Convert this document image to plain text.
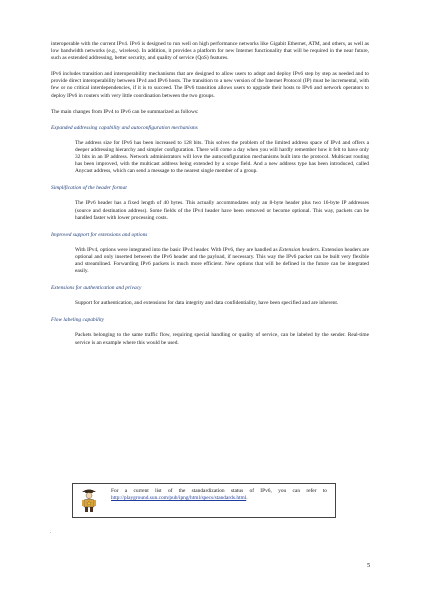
interoperable with the current IPv4. IPv6 is designed to run well on high performance networks like Gigabit Ethernet, ATM, and others, as well as low bandwidth networks (e.g., wireless). In addition, it provides a platform for new Internet functionality that will be required in the near future, such as extended addressing, better security, and quality of service (QoS) features.

IPv6 includes transition and interoperability mechanisms that are designed to allow users to adopt and deploy IPv6 step by step as needed and to provide direct interoperability between IPv4 and IPv6 hosts. The transition to a new version of the Internet Protocol (IP) must be incremental, with few or no critical interdependencies, if it is to succeed. The IPv6 transition allows users to upgrade their hosts to IPv6 and network operators to deploy IPv6 in routers with very little coordination between the two groups.

The main changes from IPv4 to IPv6 can be summarized as follows:

Expanded addressing capability and autoconfiguration mechanisms

The address size for IPv6 has been increased to 128 bits. This solves the problem of the limited address space of IPv4 and offers a deeper addressing hierarchy and simpler configuration. There will come a day when you will hardly remember how it felt to have only 32 bits in an IP address. Network administrators will love the autoconfiguration mechanisms built into the protocol. Multicast routing has been improved, with the multicast address being extended by a scope field. And a new address type has been introduced, called Anycast address, which can send a message to the nearest single member of a group.

Simplification of the header format

The IPv6 header has a fixed length of 40 bytes. This actually accommodates only an 8-byte header plus two 16-byte IP addresses (source and destination address). Some fields of the IPv4 header have been removed or become optional. This way, packets can be handled faster with lower processing costs.

Improved support for extensions and options

With IPv4, options were integrated into the basic IPv4 header. With IPv6, they are handled as Extension headers. Extension headers are optional and only inserted between the IPv6 header and the payload, if necessary. This way the IPv6 packet can be built very flexible and streamlined. Forwarding IPv6 packets is much more efficient. New options that will be defined in the future can be integrated easily.

Extensions for authentication and privacy

Support for authentication, and extensions for data integrity and data confidentiality, have been specified and are inherent.

Flow labeling capability

Packets belonging to the same traffic flow, requiring special handling or quality of service, can be labeled by the sender. Real-time service is an example where this would be used.

For a current list of the standardization status of IPv6, you can refer to http://playground.sun.com/pub/ipng/html/specs/standards.html.

.
5
